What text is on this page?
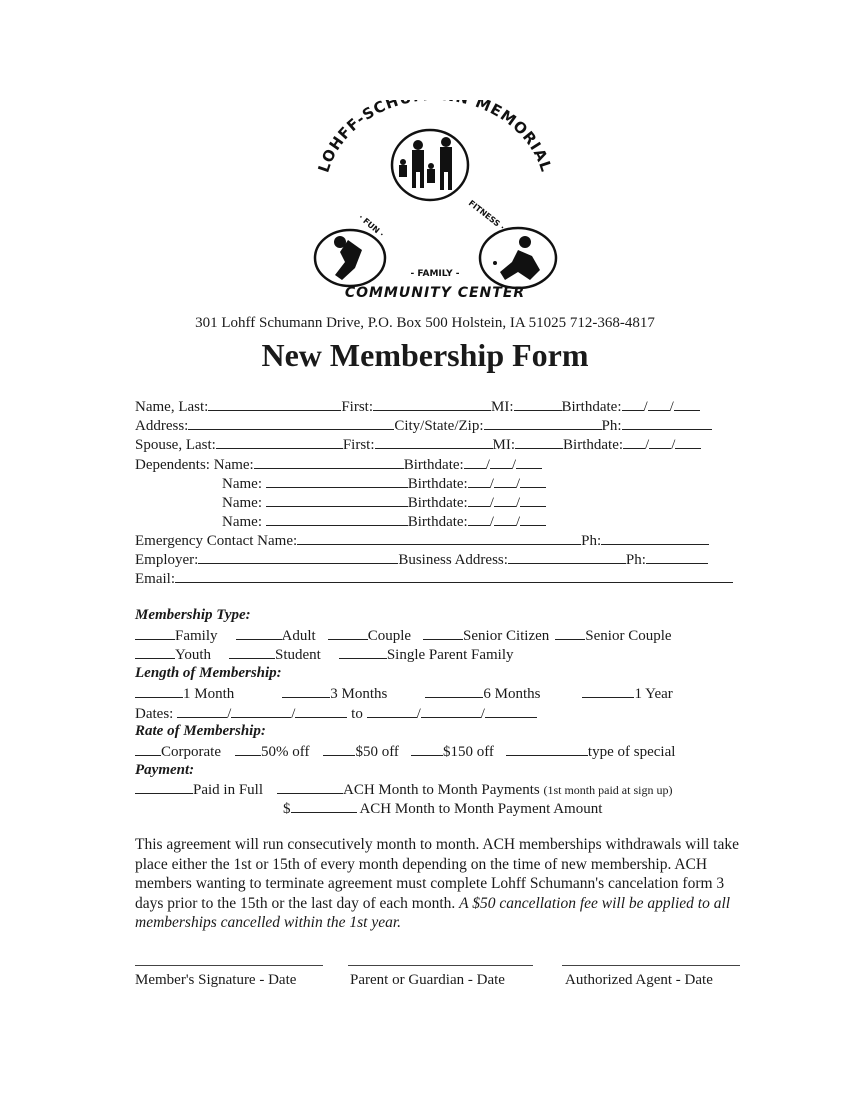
LOHFF-SCH MEMORIAL
· FUN ·	FITNESS ·
- FAMILY -
COMMUNITY CENTER
301 Lohff Schumann Drive, P.O. Box 500 Holstein, IA 51025 712-368-4817
New Membership Form
Name, Last:	First:	MI:	Birthdate: / /
Address:	City/State/Zip:	Ph:
Spouse, Last:	First:	MI:	Birthdate: / /
Dependents: Name:	Birthdate: / /
Name:	Birthdate: / /
Name:	Birthdate: / /
Name:	Birthdate: / /
Emergency Contact Name:	Ph:
Employer:	Business Address:	Ph:
Email:
Membership Type:
Family	Adult	Couple	Senior Citizen Senior Couple
Youth	Student	Single Parent Family
Length of Membership:
1 Month	3 Months	6 Months	1 Year
Dates:	/	/	to	/	/
Rate of Membership:
Corporate	50% off	$50 off	$150 off	type of special
Payment:
Paid in Full	ACH Month to Month Payments (1st month paid at sign up)
$	ACH Month to Month Payment Amount
This agreement will run consecutively month to month. ACH memberships withdrawals will take place either the 1st or 15th of every month depending on the time of new membership. ACH members wanting to terminate agreement must complete Lohff Schumann's cancelation form 3 days prior to the 15th or the last day of each month. A $50 cancellation fee will be applied to all memberships cancelled within the 1st year.
Member's Signature - Date	Parent or Guardian - Date	Authorized Agent - Date
